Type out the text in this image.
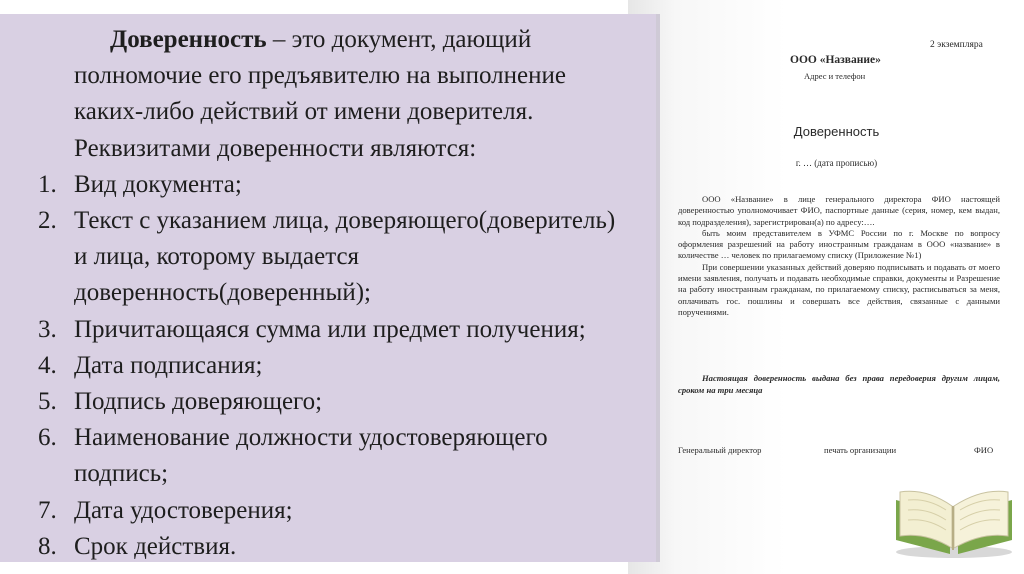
Доверенность – это документ, дающий

полномочие его предъявителю на выполнение

каких-либо действий от имени доверителя.

Реквизитами доверенности являются:

1. Вид документа;
2. Текст с указанием лица, доверяющего(доверитель)
и лица, которому выдается
доверенность(доверенный);
3. Причитающаяся сумма или предмет получения;
4. Дата подписания;
5. Подпись доверяющего;
6. Наименование должности удостоверяющего
подпись;
7. Дата удостоверения;
8. Срок действия.
2 экземпляра
ООО «Название»
Адрес и телефон
Доверенность
г. … (дата прописью)

ООО «Название» в лице генерального директора ФИО настоящей доверенностью уполномочивает ФИО, паспортные данные (серия, номер, кем выдан, код подразделения), зарегистрирован(а) по адресу:….

быть моим представителем в УФМС России по г. Москве по вопросу оформления разрешений на работу иностранным гражданам в ООО «название» в количестве … человек по прилагаемому списку (Приложение №1)

При совершении указанных действий доверяю подписывать и подавать от моего имени заявления, получать и подавать необходимые справки, документы и Разрешение на работу иностранным гражданам, по прилагаемому списку, расписываться за меня, оплачивать гос. пошлины и совершать все действия, связанные с данными поручениями.

Настоящая доверенность выдана без права передоверия другим лицам, сроком на три месяца

Генеральный директор	печать организации	ФИО
